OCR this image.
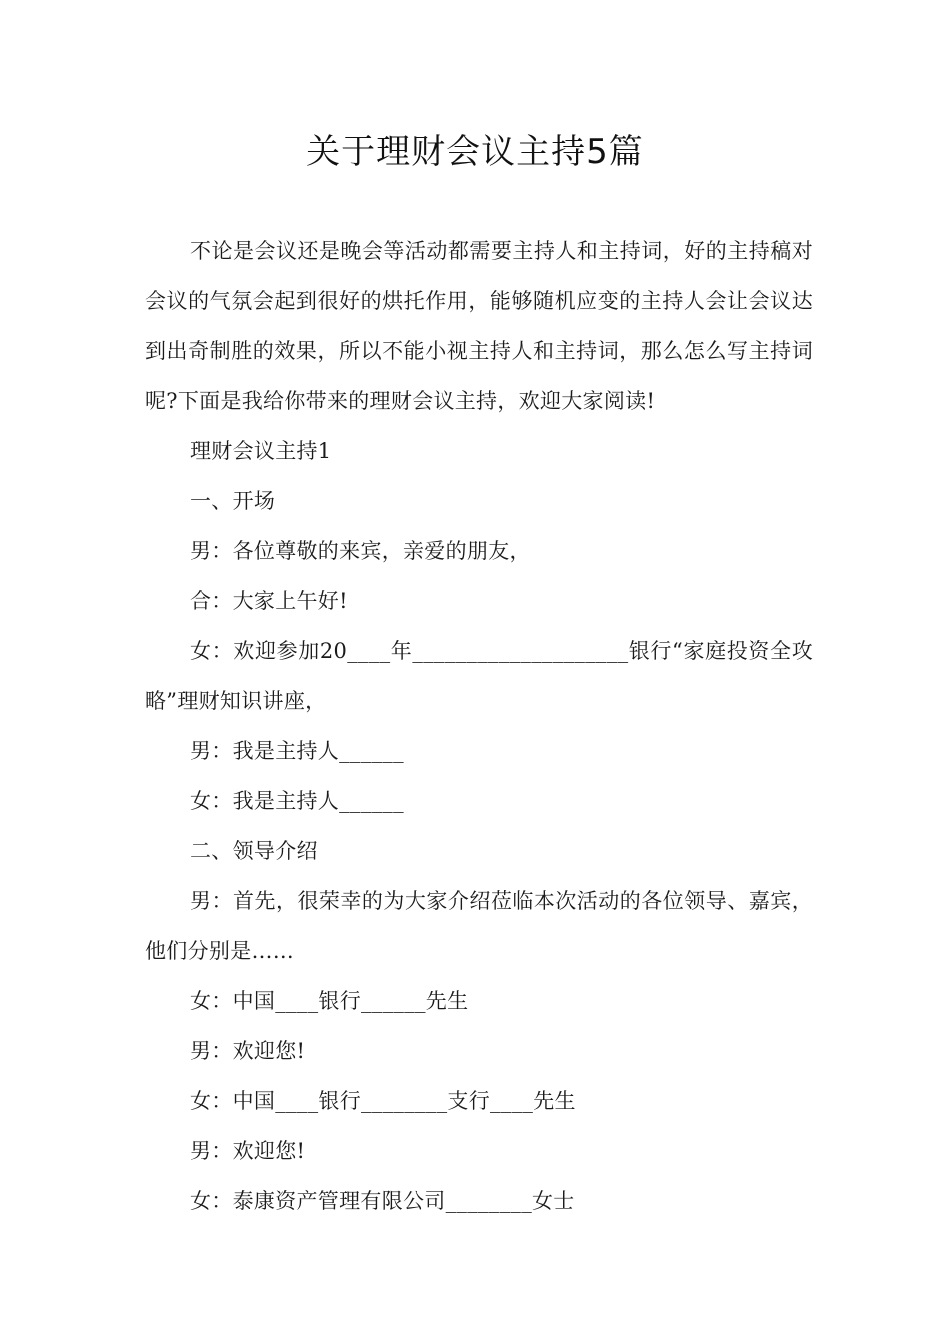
关于理财会议主持5篇

不论是会议还是晚会等活动都需要主持人和主持词，好的主持稿对会议的气氛会起到很好的烘托作用，能够随机应变的主持人会让会议达到出奇制胜的效果，所以不能小视主持人和主持词，那么怎么写主持词呢?下面是我给你带来的理财会议主持，欢迎大家阅读!

理财会议主持1

一、开场

男：各位尊敬的来宾，亲爱的朋友，

合：大家上午好!

女：欢迎参加20____年____________________银行“家庭投资全攻略”理财知识讲座，

男：我是主持人______

女：我是主持人______

二、领导介绍

男：首先，很荣幸的为大家介绍莅临本次活动的各位领导、嘉宾，他们分别是……

女：中国____银行______先生

男：欢迎您!

女：中国____银行________支行____先生

男：欢迎您!

女：泰康资产管理有限公司________女士
